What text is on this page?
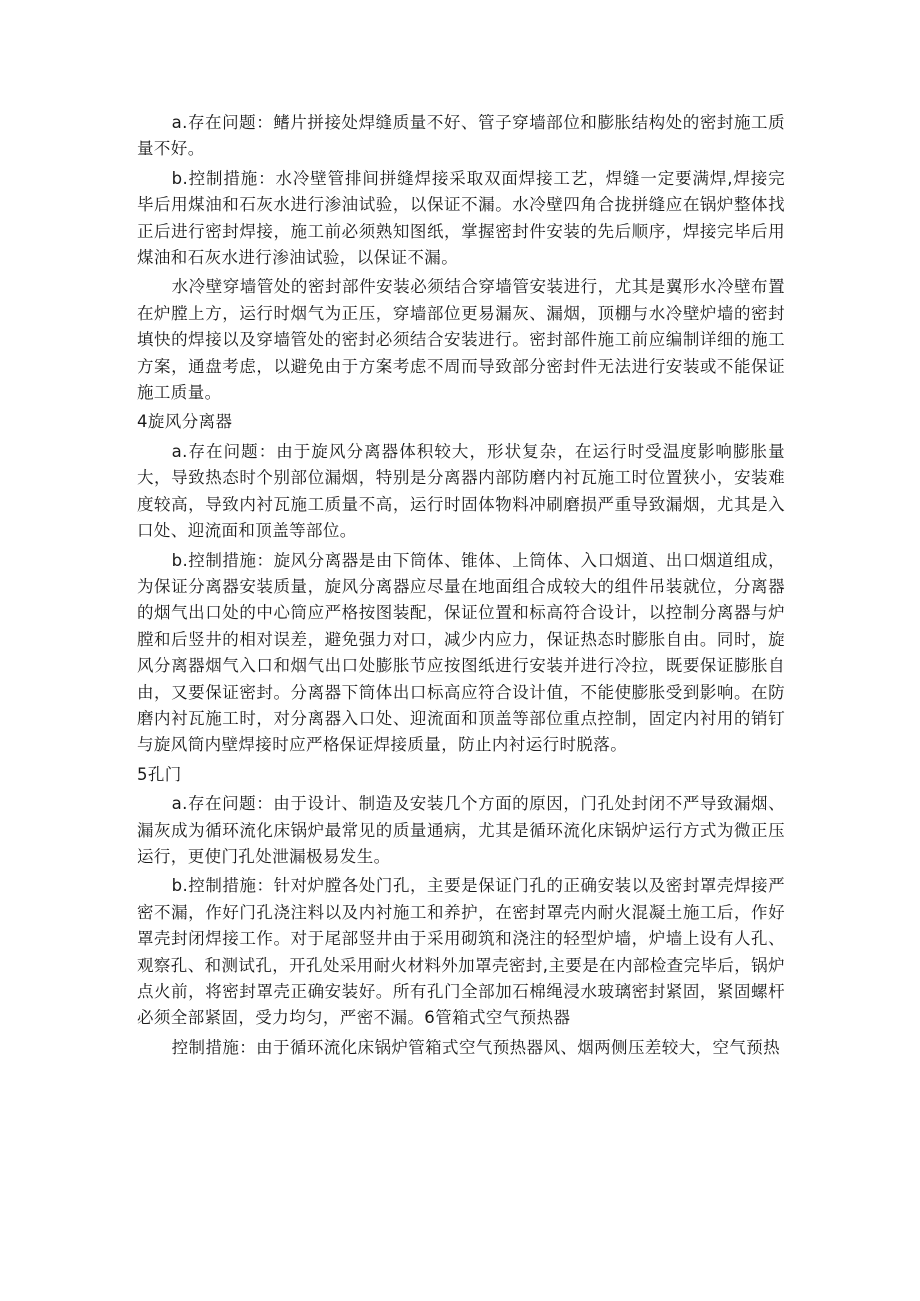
a.存在问题：鳍片拼接处焊缝质量不好、管子穿墙部位和膨胀结构处的密封施工质量不好。

b.控制措施：水冷壁管排间拼缝焊接采取双面焊接工艺，焊缝一定要满焊,焊接完毕后用煤油和石灰水进行渗油试验，以保证不漏。水冷壁四角合拢拼缝应在锅炉整体找正后进行密封焊接，施工前必须熟知图纸，掌握密封件安装的先后顺序，焊接完毕后用煤油和石灰水进行渗油试验，以保证不漏。

水冷壁穿墙管处的密封部件安装必须结合穿墙管安装进行，尤其是翼形水冷壁布置在炉膛上方，运行时烟气为正压，穿墙部位更易漏灰、漏烟，顶棚与水冷壁炉墙的密封填快的焊接以及穿墙管处的密封必须结合安装进行。密封部件施工前应编制详细的施工方案，通盘考虑，以避免由于方案考虑不周而导致部分密封件无法进行安装或不能保证施工质量。

4旋风分离器

a.存在问题：由于旋风分离器体积较大，形状复杂，在运行时受温度影响膨胀量大，导致热态时个别部位漏烟，特别是分离器内部防磨内衬瓦施工时位置狭小，安装难度较高，导致内衬瓦施工质量不高，运行时固体物料冲刷磨损严重导致漏烟，尤其是入口处、迎流面和顶盖等部位。

b.控制措施：旋风分离器是由下筒体、锥体、上筒体、入口烟道、出口烟道组成，为保证分离器安装质量，旋风分离器应尽量在地面组合成较大的组件吊装就位，分离器的烟气出口处的中心筒应严格按图装配，保证位置和标高符合设计，以控制分离器与炉膛和后竖井的相对误差，避免强力对口，减少内应力，保证热态时膨胀自由。同时，旋风分离器烟气入口和烟气出口处膨胀节应按图纸进行安装并进行冷拉，既要保证膨胀自由，又要保证密封。分离器下筒体出口标高应符合设计值，不能使膨胀受到影响。在防磨内衬瓦施工时，对分离器入口处、迎流面和顶盖等部位重点控制，固定内衬用的销钉与旋风筒内壁焊接时应严格保证焊接质量，防止内衬运行时脱落。

5孔门

a.存在问题：由于设计、制造及安装几个方面的原因，门孔处封闭不严导致漏烟、漏灰成为循环流化床锅炉最常见的质量通病，尤其是循环流化床锅炉运行方式为微正压运行，更使门孔处泄漏极易发生。

b.控制措施：针对炉膛各处门孔，主要是保证门孔的正确安装以及密封罩壳焊接严密不漏，作好门孔浇注料以及内衬施工和养护，在密封罩壳内耐火混凝土施工后，作好罩壳封闭焊接工作。对于尾部竖井由于采用砌筑和浇注的轻型炉墙，炉墙上设有人孔、观察孔、和测试孔，开孔处采用耐火材料外加罩壳密封,主要是在内部检查完毕后，锅炉点火前，将密封罩壳正确安装好。所有孔门全部加石棉绳浸水玻璃密封紧固，紧固螺杆必须全部紧固，受力均匀，严密不漏。6管箱式空气预热器

控制措施：由于循环流化床锅炉管箱式空气预热器风、烟两侧压差较大，空气预热
